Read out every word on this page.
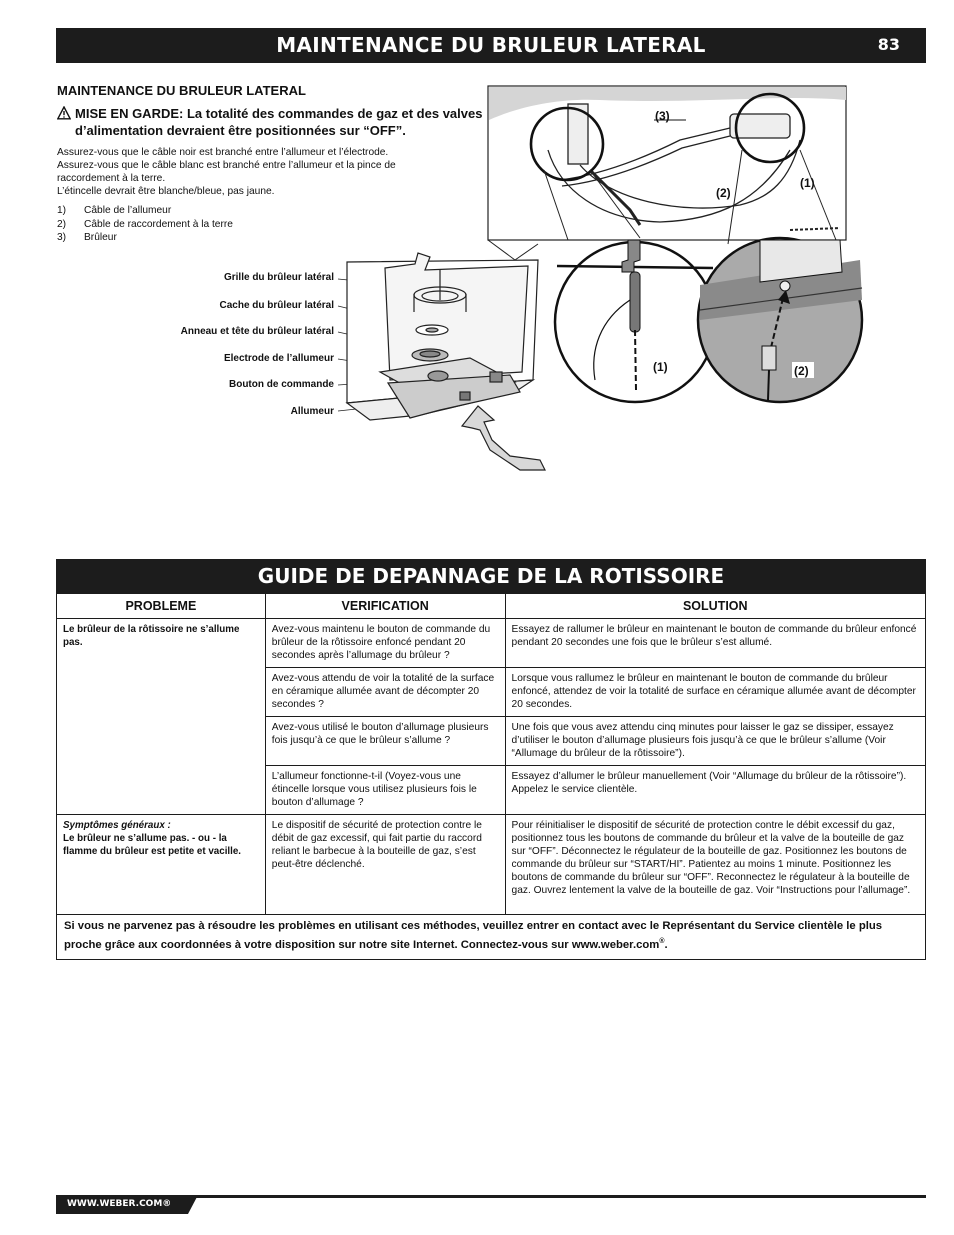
MAINTENANCE DU BRULEUR LATERAL	83
MAINTENANCE DU BRULEUR LATERAL
MISE EN GARDE: La totalité des commandes de gaz et des valves d’alimentation devraient être positionnées sur “OFF”.
Assurez-vous que le câble noir est branché entre l’allumeur et l’électrode.
Assurez-vous que le câble blanc est branché entre l’allumeur et la pince de
raccordement à la terre.
L’étincelle devrait être blanche/bleue, pas jaune.
1)	Câble de l’allumeur
2)	Câble de raccordement à la terre
3)	Brûleur
Grille du brûleur latéral
Cache du brûleur latéral
Anneau et tête du brûleur latéral
Electrode de l’allumeur
Bouton de commande
Allumeur
(3)
(2)
(1)
(1)	(2)
GUIDE DE DEPANNAGE DE LA ROTISSOIRE
PROBLEME	VERIFICATION	SOLUTION
Le brûleur de la rôtissoire ne s’allume pas.	Avez-vous maintenu le bouton de commande du brûleur de la rôtissoire enfoncé pendant 20 secondes après l’allumage du brûleur ?	Essayez de rallumer le brûleur en maintenant le bouton de commande du brûleur enfoncé pendant 20 secondes une fois que le brûleur s’est allumé.
	Avez-vous attendu de voir la totalité de la surface en céramique allumée avant de décompter 20 secondes ?	Lorsque vous rallumez le brûleur en maintenant le bouton de commande du brûleur enfoncé, attendez de voir la totalité de surface en céramique allumée avant de décompter 20 secondes.
	Avez-vous utilisé le bouton d’allumage plusieurs fois jusqu’à ce que le brûleur s’allume ?	Une fois que vous avez attendu cinq minutes pour laisser le gaz se dissiper, essayez d’utiliser le bouton d’allumage plusieurs fois jusqu’à ce que le brûleur s’allume (Voir “Allumage du brûleur de la rôtissoire”).
	L’allumeur fonctionne-t-il (Voyez-vous une étincelle lorsque vous utilisez plusieurs fois le bouton d’allumage ?	Essayez d’allumer le brûleur manuellement (Voir “Allumage du brûleur de la rôtissoire”). Appelez le service clientèle.

Symptômes généraux :
Le brûleur ne s’allume pas. - ou - la flamme du brûleur est petite et vacille.	Le dispositif de sécurité de protection contre le débit de gaz excessif, qui fait partie du raccord reliant le barbecue à la bouteille de gaz, s’est peut-être déclenché.	Pour réinitialiser le dispositif de sécurité de protection contre le débit excessif du gaz, positionnez tous les boutons de commande du brûleur et la valve de la bouteille de gaz sur “OFF”. Déconnectez le régulateur de la bouteille de gaz. Positionnez les boutons de commande du brûleur sur “START/HI”. Patientez au moins 1 minute. Positionnez les boutons de commande du brûleur sur “OFF”. Reconnectez le régulateur à la bouteille de gaz. Ouvrez lentement la valve de la bouteille de gaz. Voir “Instructions pour l’allumage”.
Si vous ne parvenez pas à résoudre les problèmes en utilisant ces méthodes, veuillez entrer en contact avec le Représentant du Service clientèle le plus proche grâce aux coordonnées à votre disposition sur notre site Internet. Connectez-vous sur www.weber.com®.		
WWW.WEBER.COM®
